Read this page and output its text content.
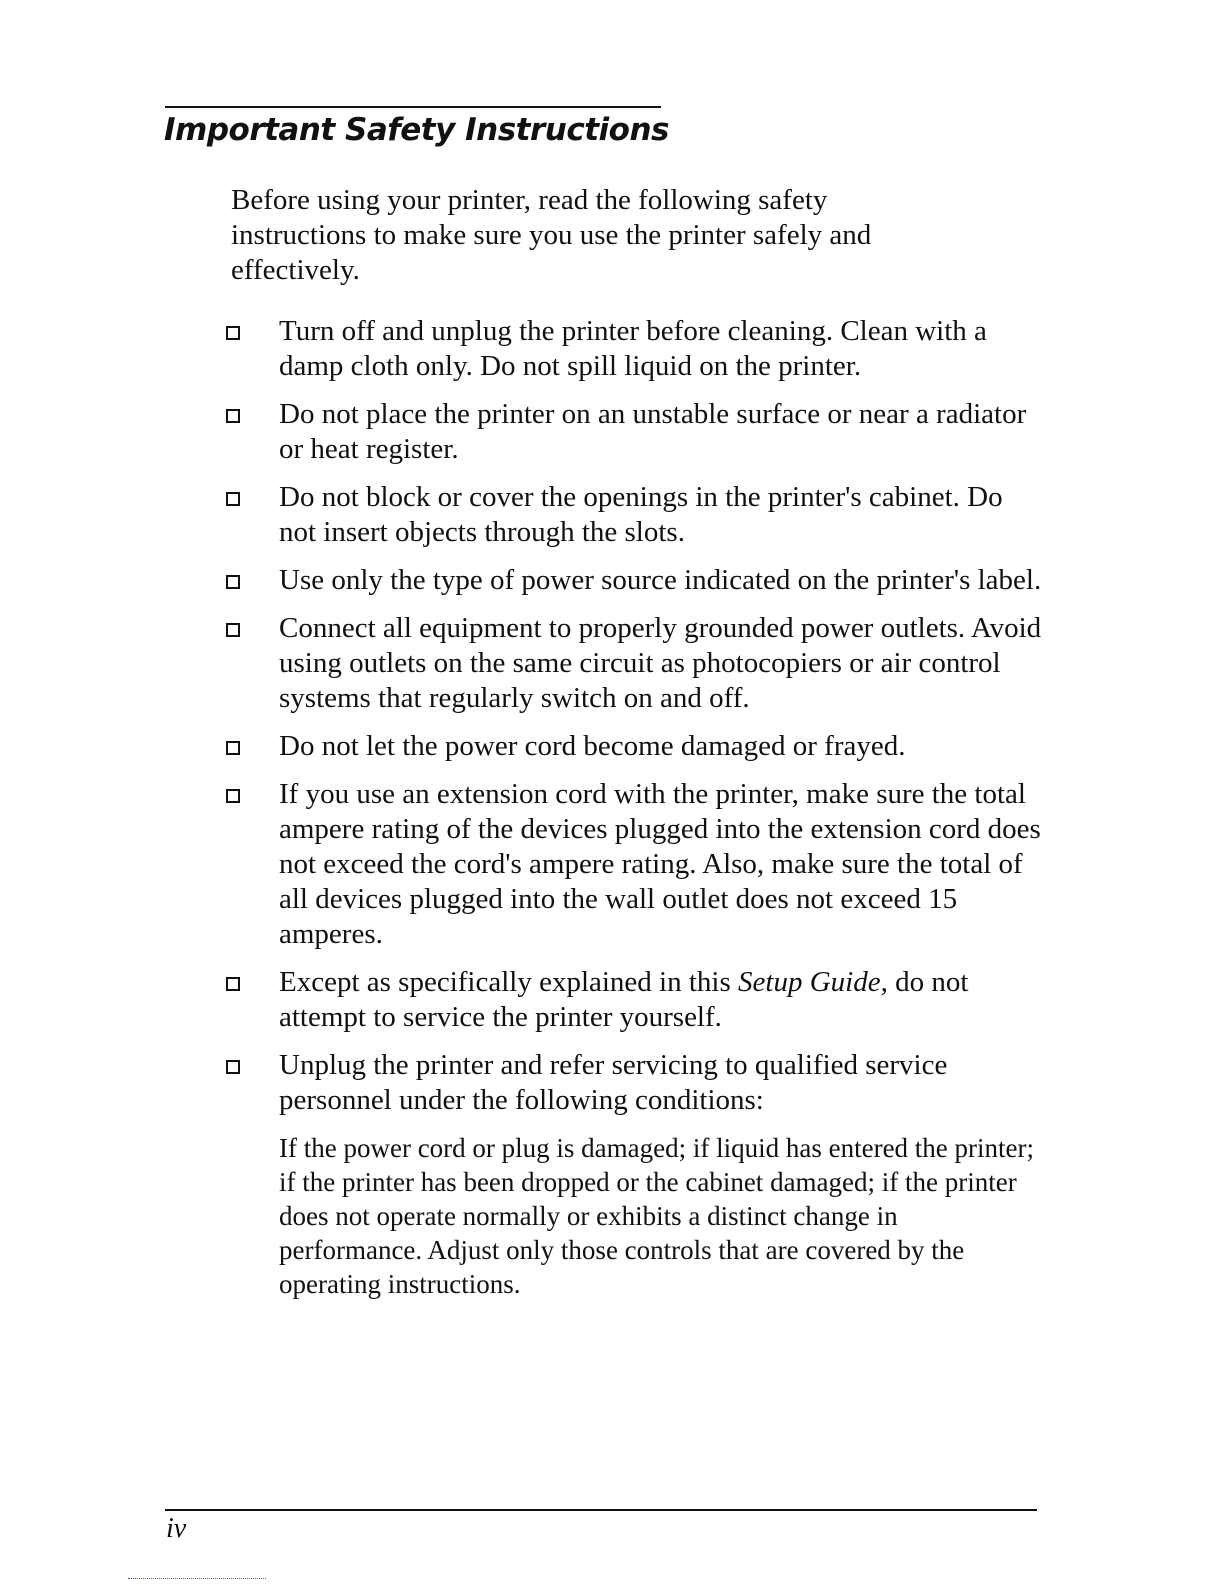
Important Safety Instructions

Before using your printer, read the following safety instructions to make sure you use the printer safely and effectively.

Turn off and unplug the printer before cleaning. Clean with a damp cloth only. Do not spill liquid on the printer.
Do not place the printer on an unstable surface or near a radiator or heat register.
Do not block or cover the openings in the printer's cabinet. Do not insert objects through the slots.
Use only the type of power source indicated on the printer's label.
Connect all equipment to properly grounded power outlets. Avoid using outlets on the same circuit as photocopiers or air control systems that regularly switch on and off.
Do not let the power cord become damaged or frayed.
If you use an extension cord with the printer, make sure the total ampere rating of the devices plugged into the extension cord does not exceed the cord's ampere rating. Also, make sure the total of all devices plugged into the wall outlet does not exceed 15 amperes.
Except as specifically explained in this Setup Guide, do not attempt to service the printer yourself.
Unplug the printer and refer servicing to qualified service personnel under the following conditions:

If the power cord or plug is damaged; if liquid has entered the printer; if the printer has been dropped or the cabinet damaged; if the printer does not operate normally or exhibits a distinct change in performance. Adjust only those controls that are covered by the operating instructions.

iv
